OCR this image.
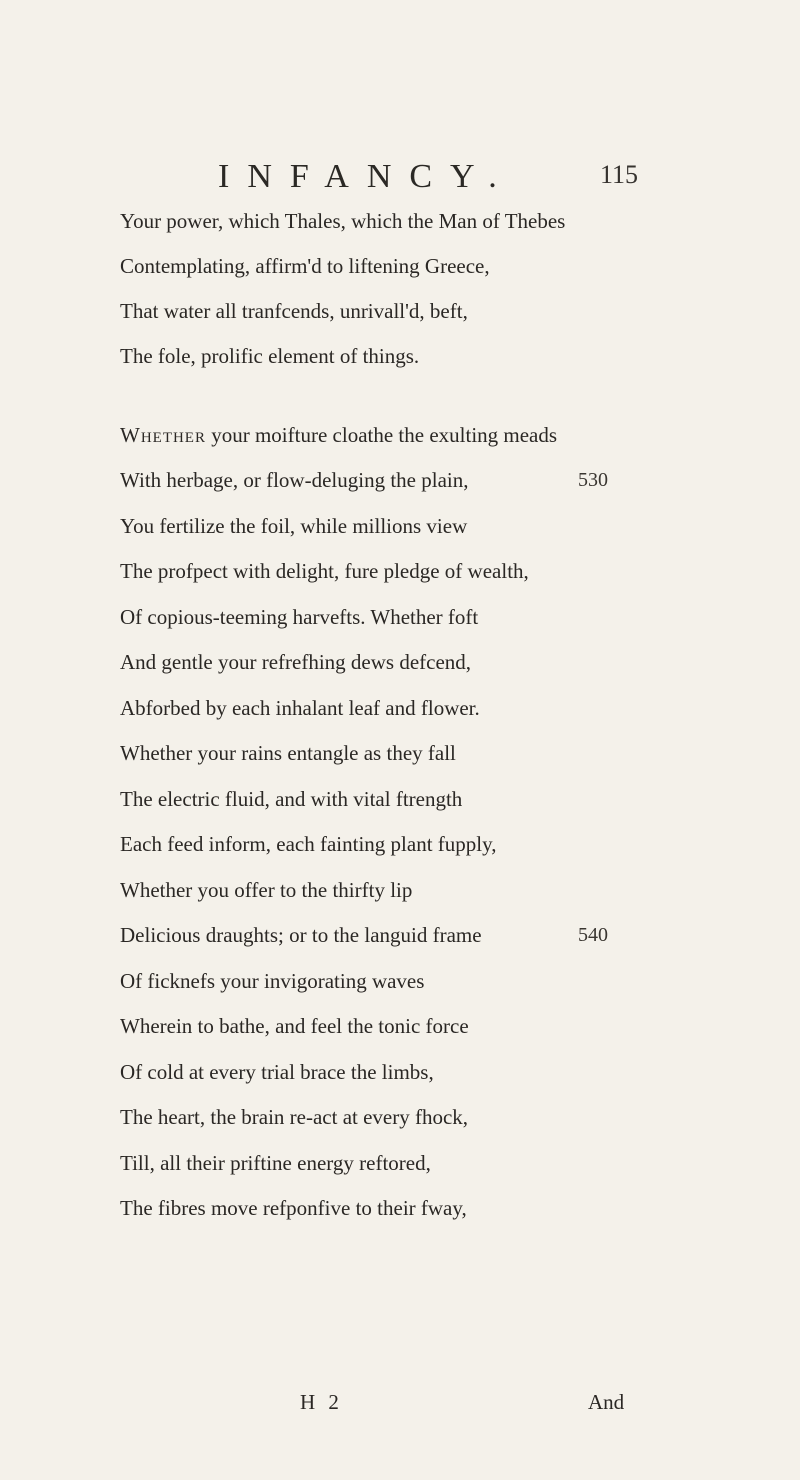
INFANCY.	115
Your power, which Thales, which the Man of Thebes
Contemplating, affirm'd to liftening Greece,
That water all tranfcends, unrivall'd, beft,
The fole, prolific element of things.
Whether your moifture cloathe the exulting meads
With herbage, or flow-deluging the plain,	530
You fertilize the foil, while millions view
The profpect with delight, fure pledge of wealth,
Of copious-teeming harvefts. Whether foft
And gentle your refrefhing dews defcend,
Abforbed by each inhalant leaf and flower.
Whether your rains entangle as they fall
The electric fluid, and with vital ftrength
Each feed inform, each fainting plant fupply,
Whether you offer to the thirfty lip
Delicious draughts; or to the languid frame	540
Of ficknefs your invigorating waves
Wherein to bathe, and feel the tonic force
Of cold at every trial brace the limbs,
The heart, the brain re-act at every fhock,
Till, all their priftine energy reftored,
The fibres move refponfive to their fway,
H 2	And
